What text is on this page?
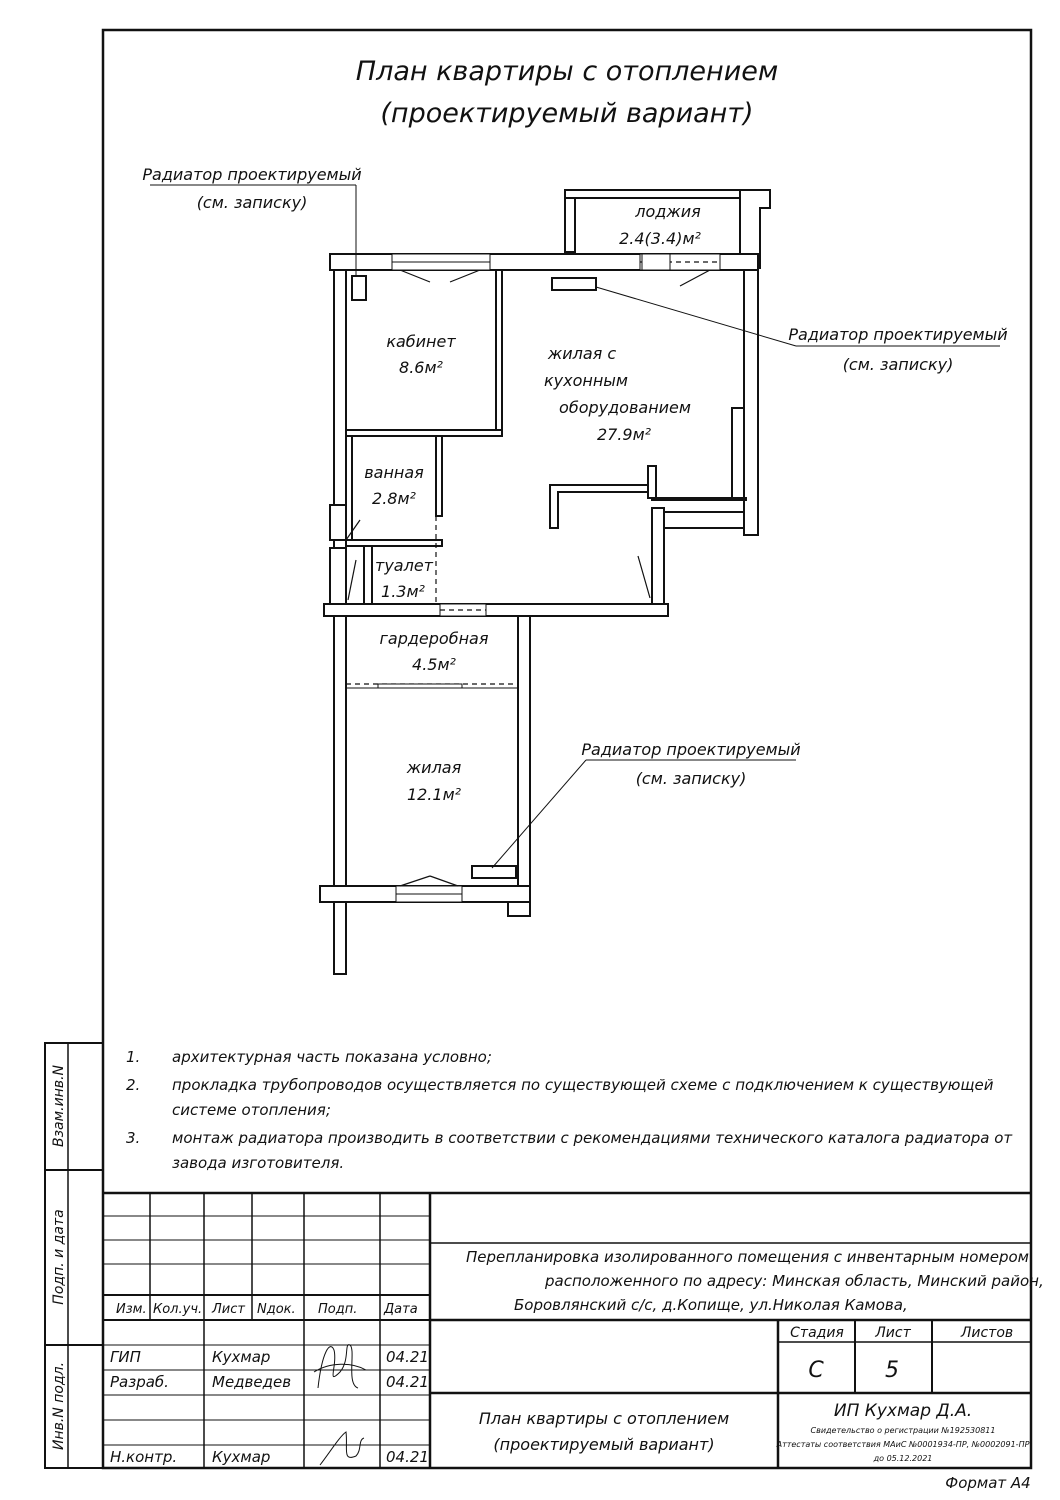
План квартиры с отоплением
(проектируемый вариант)
лоджия
2.4(3.4)м²
кабинет
8.6м²
жилая с
кухонным
оборудованием
27.9м²
ванная
2.8м²
туалет
1.3м²
гардеробная
4.5м²
жилая
12.1м²
Радиатор проектируемый
(см. записку)
Радиатор проектируемый
(см. записку)
Радиатор проектируемый
(см. записку)
1. архитектурная часть показана условно;
2. прокладка трубопроводов осуществляется по существующей схеме с подключением к существующей
системе отопления;
3. монтаж радиатора производить в соответствии с рекомендациями технического каталога радиатора от
завода изготовителя.
Взам.инв.N
Подп. и дата
Инв.N подл.
Изм. Кол.уч. Лист Nдок. Подп. Дата
ГИП	Кухмар	04.21
Разраб.	Медведев	04.21
Н.контр. Кухмар	04.21
Перепланировка изолированного помещения с инвентарным номером
расположенного по адресу: Минская область, Минский район,
Боровлянский с/с, д.Копище, ул.Николая Камова,
Стадия Лист	Листов
С	5
План квартиры с отоплением
(проектируемый вариант)
ИП Кухмар Д.А.
Свидетельство о регистрации №192530811
Аттестаты соответствия МАиС №0001934-ПР, №0002091-ПР
до 05.12.2021
Формат А4
